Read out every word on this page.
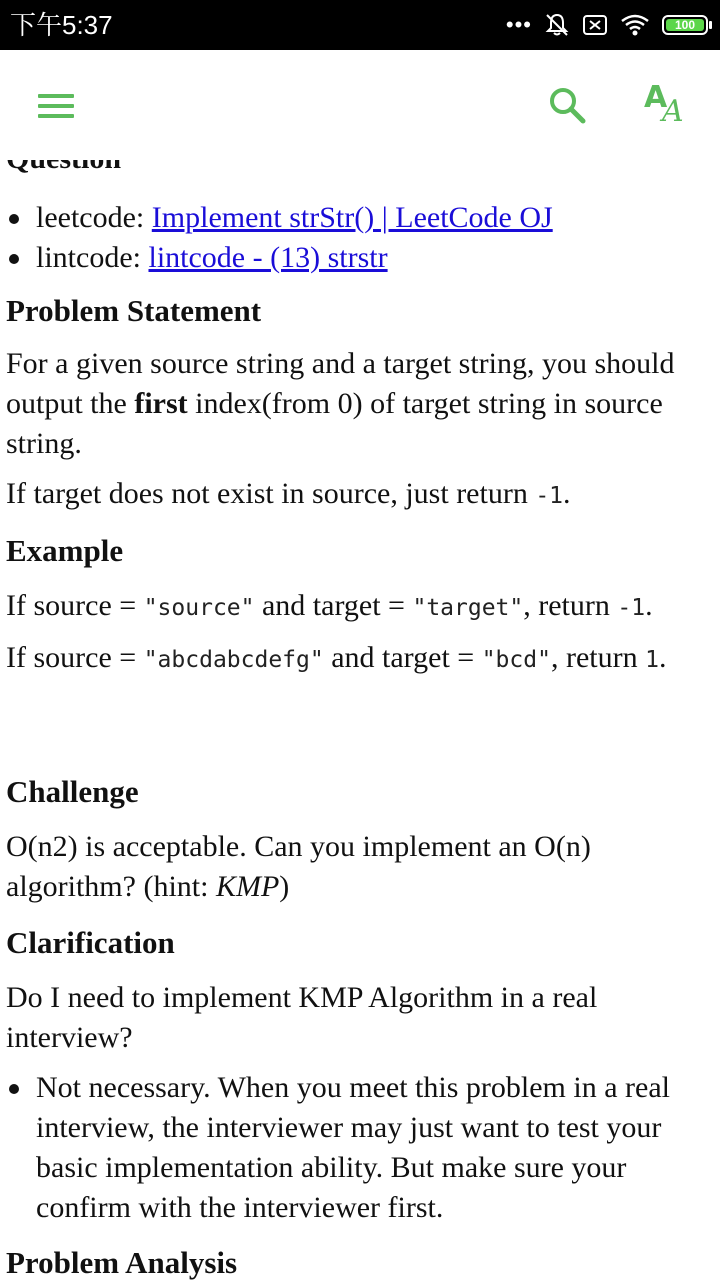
下午5:37	•••	100
leetcode: Implement strStr() | LeetCode OJ
lintcode: lintcode - (13) strstr
Problem Statement

For a given source string and a target string, you should output the first index(from 0) of target string in source string.

If target does not exist in source, just return -1.

Example

If source = "source" and target = "target", return -1.

If source = "abcdabcdefg" and target = "bcd", return 1.

Challenge

O(n2) is acceptable. Can you implement an O(n) algorithm? (hint: KMP)

Clarification

Do I need to implement KMP Algorithm in a real interview?

Not necessary. When you meet this problem in a real interview, the interviewer may just want to test your basic implementation ability. But make sure your confirm with the interviewer first.
Problem Analysis
A
A
